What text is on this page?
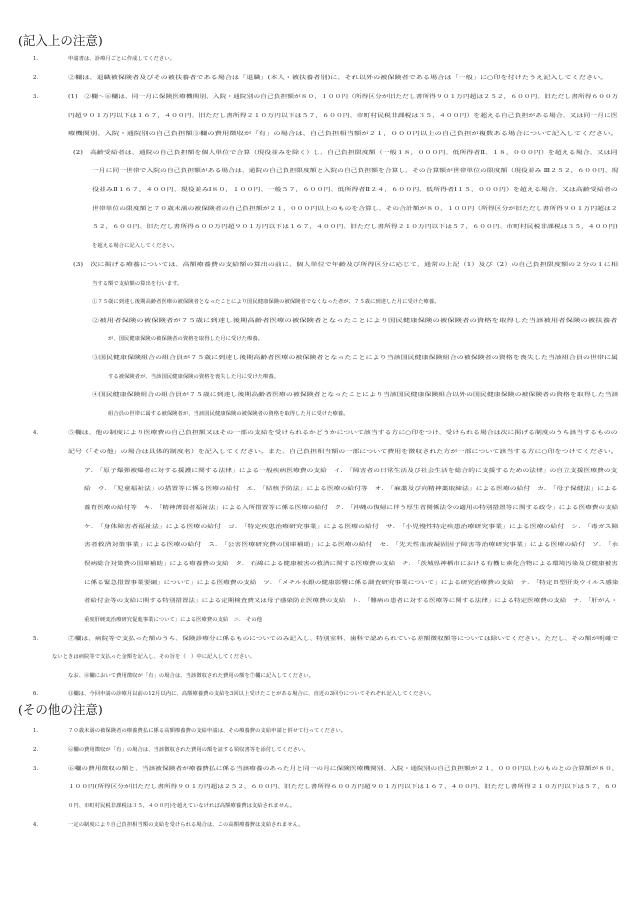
(記入上の注意)
(その他の注意)
1.	申請書は、診療月ごとに作成してください。
2.	②欄は、退職被保険者及びその被扶養者である場合は「退職」(本人・被扶養者別)に、それ以外の被保険者である場合は「一般」に○印を付けたうえ記入してください。
3.	(1)　②欄～⑥欄は、同一月に保険医療機関別、入院・通院別の自己負担額が８０，１００円（所得区分が旧ただし書所得９０１万円超は２５２，６００円、旧ただし書所得６００万
円超９０１万円以下は１６７，４００円、旧ただし書所得２１０万円以下は５７，６００円、市町村民税非課税は３５，４００円）を超える自己負担がある場合、又は同一月に医
療機関別、入院・通院別の自己負担額③欄の費用徴収が「有」の場合は、自己負担相当額が２１，０００円以上の自己負担が複数ある場合について記入してください。
(2)　高齢受給者は、通院の自己負担額を個人単位で合算（現役並みを除く）し、自己負担限度額（一般１８，０００円、低所得者Ⅱ、１８，０００円）を超える場合、又は同
一月に同一世帯で入院の自己負担額がある場合は、通院の自己負担限度額と入院の自己負担額を合算し、その合算額が世帯単位の限度額（現役並み Ⅲ２５２，６００円、現
役並みⅡ１６７，４００円、現役並みⅠ８０，１００円、一般５７，６００円、低所得者Ⅱ２４，６００円、低所得者Ⅰ１５，０００円）を超える場合、又は高齢受給者の
世帯単位の限度額と７０歳未満の被保険者の自己負担額が２１，０００円以上のものを合算し、その合計額が８０，１００円（所得区分が旧ただし書所得９０１万円超は２
５２，６００円、旧ただし書所得６００万円超９０１万円以下は１６７，４００円、旧ただし書所得２１０万円以下は５７，６００円、市町村民税非課税は３５，４００円)
を超える場合に記入してください。
(3)　次に掲げる療養については、高額療養費の支給額の算出の前に、個人単位で年齢及び所得区分に応じて、通常の上記（1）及び（2）の自己負担限度額の２分の１に相
当する額で支給額の算出を行います。
①７５歳に到達し後期高齢者医療の被保険者となったことにより国民健康保険の被保険者でなくなった者が、７５歳に到達した月に受けた療養。
②被用者保険の被保険者が７５歳に到達し後期高齢者医療の被保険者となったことにより国民健康保険の被保険者の資格を取得した当該被用者保険の被扶養者
が、国民健康保険の被保険者の資格を取得した月に受けた療養。
③国民健康保険組合の組合員が７５歳に到達し後期高齢者医療の被保険者となったことにより当該国民健康保険組合の被保険者の資格を喪失した当該組合員の世帯に属
する被保険者が、当該国民健康保険の資格を喪失した月に受けた療養。
④国民健康保険組合の組合員が７５歳に到達し後期高齢者医療の被保険者となったことにより当該国民健康保険組合以外の国民健康保険の被保険者の資格を取得した当該
組合員の世帯に属する被保険者が、当該国民健康保険の被保険者の資格を取得した月に受けた療養。
4.	⑤欄は、他の制度により医療費の自己負担額又はその一部の支給を受けられるかどうかについて該当する方に○印をつけ、受けられる場合は次に掲げる制度のうち該当するものの
記号（「その他」の場合は具体的制度名）を記入してください。また、自己負担相当額の一部について費用を徴収された方が一部について該当する方に○印をつけてください。
ア.　「原子爆弾被爆者に対する援護に関する法律」による一般疾病医療費の支給　イ.　「障害者の日常生活及び社会生活を総合的に支援するための法律」の自立支援医療費の支
給　ウ.　「児童福祉法」の措置等に係る医療の給付　エ.　「結核予防法」による医療の給付等　オ.　「麻薬及び向精神薬取締法」による医療の給付　カ.　「母子保健法」による
養育医療の給付等　キ.　「精神薄弱者福祉法」による入所措置等に係る医療の給付　ク.　「沖縄の復帰に伴う厚生省関係法令の適用の特別措置等に関する政令」による医療費の支給
ケ.　「身体障害者福祉法」による医療の給付　コ.　「特定疾患治療研究事業」による医療の給付　サ.　「小児慢性特定疾患治療研究事業」による医療の給付　シ.　「毒ガス障
害者救済対策事業」による医療の給付　ス.　「公害医療研究費の国庫補助」による医療の給付　セ.　「先天性血液凝固因子障害等治療研究事業」による医療の給付　ソ.　「水
俣病総合対策費の国庫補助」による療養費の支給　タ.　石綿による健康被害の救済に関する医療費の支給　チ.　「茨城県神栖市における有機ヒ素化合物による環境汚染及び健康被害
に係る緊急措置事業要綱」について」による医療費の支給　ツ.　「メチル水銀の健康影響に係る調査研究事業について」による研究治療費の支給　テ.　「特定Ｂ型肝炎ウイルス感染
者給付金等の支給に関する特別措置法」による定期検査費又は母子感染防止医療費の支給　ト.　「難病の患者に対する医療等に関する法律」による特定医療費の支給　ナ.　「肝がん・
重度肝硬変治療研究促進事業について」による医療費の支給　ニ.　その他
5.	⑦欄は、病院等で支払った額のうち、保険診療分に係るものについてのみ記入し、特別室料、歯科で認められている差額徴収額等については除いてください。ただし、その額が明確で
ないときは病院等で支払った金額を記入し、その旨を（　）中に記入してください。
なお、⑧欄において費用徴収が「有」の場合は、当該徴収された費用の額を⑦欄に記入してください。
6.	⑪欄は、今回申請の診療月以前の12月以内に、高額療養費の支給を3回以上受けたことがある場合に、直近の3回分についてそれぞれ記入してください。
1.	７０歳未満の被保険者の療養費払に係る高額療養費の支給申請は、その療養費の支給申請と併せて行ってください。
2.	⑥欄の費用徴収が「有」の場合は、当該徴収された費用の額を証する領収書等を添付してください。
3.	⑥欄の費用徴収の額と、当該被保険者が療養費払に係る当該療養のあった月と同一の月に保険医療機関別、入院・通院別の自己負担額が２１，０００円以上のものとの合算額が８０，
１００円(所得区分が旧ただし書所得９０１万円超は２５２，６００円、旧ただし書所得６００万円超９０１万円以下は１６７，４００円、旧ただし書所得２１０万円以下は５７，６０
０円、市町村民税非課税は３５，４００円)を超えていなければ高額療養費は支給されません。
4.	一定の制度により自己負担相当額の支給を受けられる場合は、この高額療養費は支給されません。
